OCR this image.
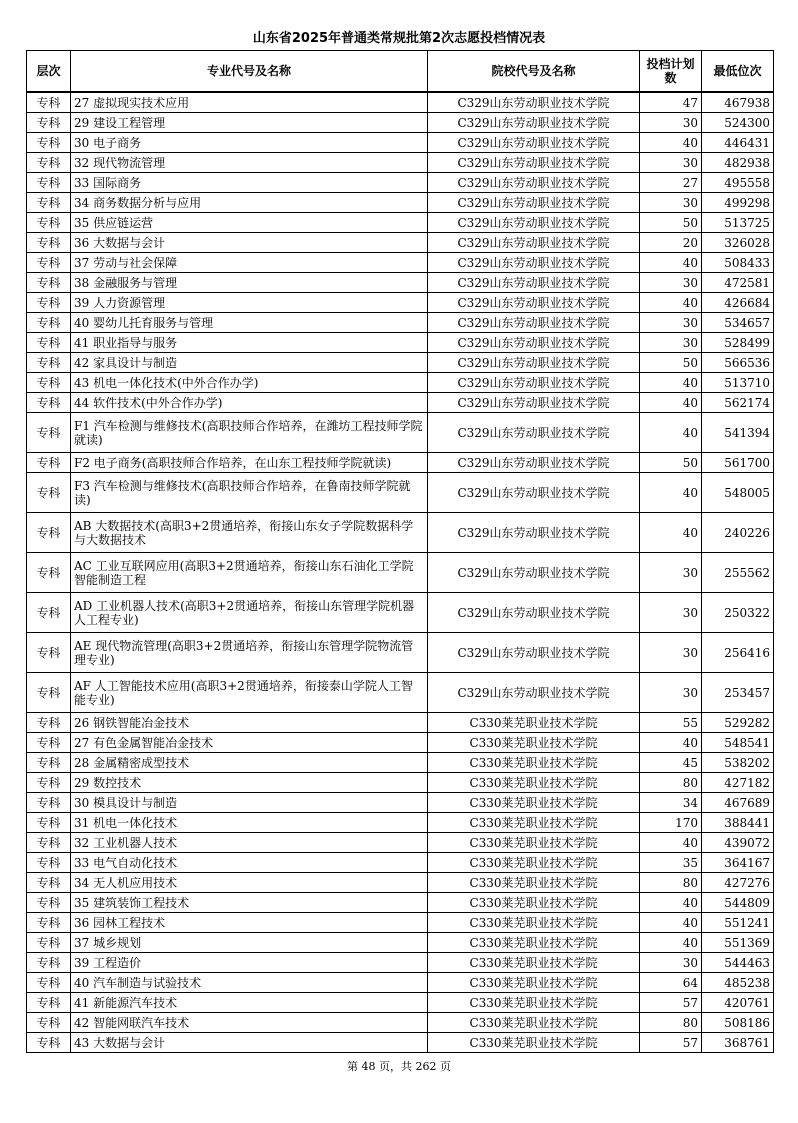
山东省2025年普通类常规批第2次志愿投档情况表
层次	专业代号及名称	院校代号及名称	投档计划数	最低位次
专科	27 虚拟现实技术应用	C329山东劳动职业技术学院	47	467938
专科	29 建设工程管理	C329山东劳动职业技术学院	30	524300
专科	30 电子商务	C329山东劳动职业技术学院	40	446431
专科	32 现代物流管理	C329山东劳动职业技术学院	30	482938
专科	33 国际商务	C329山东劳动职业技术学院	27	495558
专科	34 商务数据分析与应用	C329山东劳动职业技术学院	30	499298
专科	35 供应链运营	C329山东劳动职业技术学院	50	513725
专科	36 大数据与会计	C329山东劳动职业技术学院	20	326028
专科	37 劳动与社会保障	C329山东劳动职业技术学院	40	508433
专科	38 金融服务与管理	C329山东劳动职业技术学院	30	472581
专科	39 人力资源管理	C329山东劳动职业技术学院	40	426684
专科	40 婴幼儿托育服务与管理	C329山东劳动职业技术学院	30	534657
专科	41 职业指导与服务	C329山东劳动职业技术学院	30	528499
专科	42 家具设计与制造	C329山东劳动职业技术学院	50	566536
专科	43 机电一体化技术(中外合作办学)	C329山东劳动职业技术学院	40	513710
专科	44 软件技术(中外合作办学)	C329山东劳动职业技术学院	40	562174
专科	F1 汽车检测与维修技术(高职技师合作培养，在潍坊工程技师学院就读)	C329山东劳动职业技术学院	40	541394
专科	F2 电子商务(高职技师合作培养，在山东工程技师学院就读)	C329山东劳动职业技术学院	50	561700
专科	F3 汽车检测与维修技术(高职技师合作培养，在鲁南技师学院就读)	C329山东劳动职业技术学院	40	548005
专科	AB 大数据技术(高职3+2贯通培养，衔接山东女子学院数据科学与大数据技术	C329山东劳动职业技术学院	40	240226
专科	AC 工业互联网应用(高职3+2贯通培养，衔接山东石油化工学院智能制造工程	C329山东劳动职业技术学院	30	255562
专科	AD 工业机器人技术(高职3+2贯通培养，衔接山东管理学院机器人工程专业)	C329山东劳动职业技术学院	30	250322
专科	AE 现代物流管理(高职3+2贯通培养，衔接山东管理学院物流管理专业)	C329山东劳动职业技术学院	30	256416
专科	AF 人工智能技术应用(高职3+2贯通培养，衔接泰山学院人工智能专业)	C329山东劳动职业技术学院	30	253457
专科	26 钢铁智能冶金技术	C330莱芜职业技术学院	55	529282
专科	27 有色金属智能冶金技术	C330莱芜职业技术学院	40	548541
专科	28 金属精密成型技术	C330莱芜职业技术学院	45	538202
专科	29 数控技术	C330莱芜职业技术学院	80	427182
专科	30 模具设计与制造	C330莱芜职业技术学院	34	467689
专科	31 机电一体化技术	C330莱芜职业技术学院	170	388441
专科	32 工业机器人技术	C330莱芜职业技术学院	40	439072
专科	33 电气自动化技术	C330莱芜职业技术学院	35	364167
专科	34 无人机应用技术	C330莱芜职业技术学院	80	427276
专科	35 建筑装饰工程技术	C330莱芜职业技术学院	40	544809
专科	36 园林工程技术	C330莱芜职业技术学院	40	551241
专科	37 城乡规划	C330莱芜职业技术学院	40	551369
专科	39 工程造价	C330莱芜职业技术学院	30	544463
专科	40 汽车制造与试验技术	C330莱芜职业技术学院	64	485238
专科	41 新能源汽车技术	C330莱芜职业技术学院	57	420761
专科	42 智能网联汽车技术	C330莱芜职业技术学院	80	508186
专科	43 大数据与会计	C330莱芜职业技术学院	57	368761
第 48 页，共 262 页
